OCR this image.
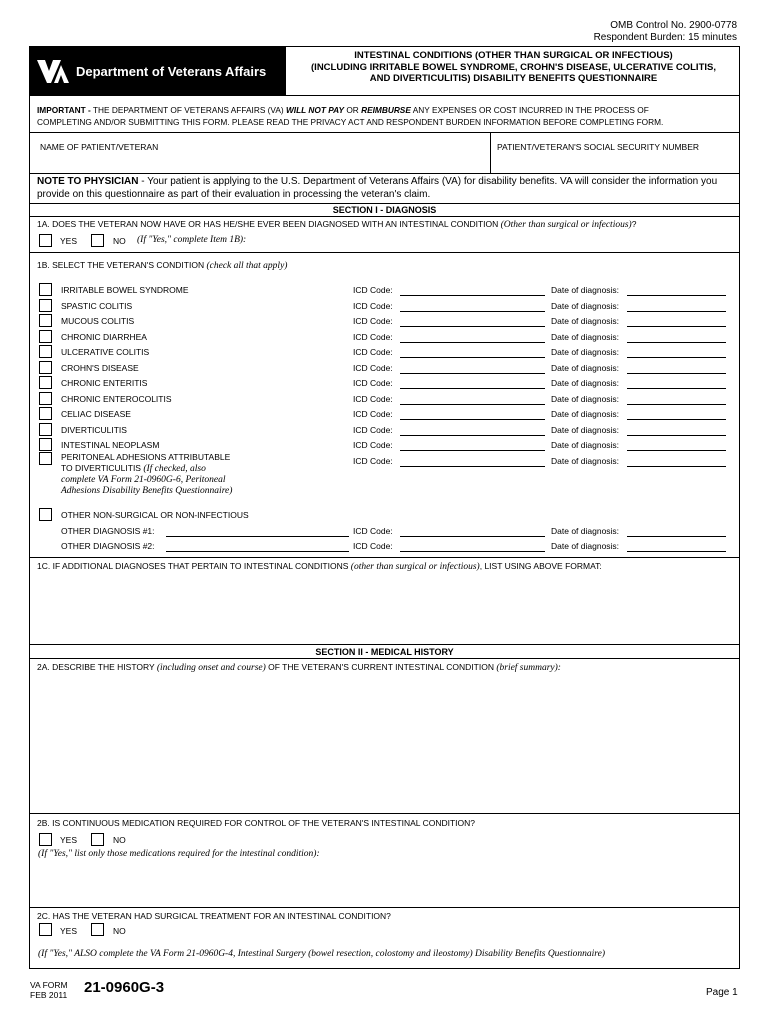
OMB Control No. 2900-0778
Respondent Burden: 15 minutes
Department of Veterans Affairs
INTESTINAL CONDITIONS (OTHER THAN SURGICAL OR INFECTIOUS)
(INCLUDING IRRITABLE BOWEL SYNDROME, CROHN'S DISEASE, ULCERATIVE COLITIS,
AND DIVERTICULITIS) DISABILITY BENEFITS QUESTIONNAIRE
IMPORTANT - THE DEPARTMENT OF VETERANS AFFAIRS (VA) WILL NOT PAY OR REIMBURSE ANY EXPENSES OR COST INCURRED IN THE PROCESS OF
COMPLETING AND/OR SUBMITTING THIS FORM. PLEASE READ THE PRIVACY ACT AND RESPONDENT BURDEN INFORMATION BEFORE COMPLETING FORM.
NAME OF PATIENT/VETERAN	PATIENT/VETERAN'S SOCIAL SECURITY NUMBER
NOTE TO PHYSICIAN - Your patient is applying to the U.S. Department of Veterans Affairs (VA) for disability benefits. VA will consider the information you
provide on this questionnaire as part of their evaluation in processing the veteran's claim.
SECTION I - DIAGNOSIS
1A. DOES THE VETERAN NOW HAVE OR HAS HE/SHE EVER BEEN DIAGNOSED WITH AN INTESTINAL CONDITION (Other than surgical or infectious)?
YES	NO (If "Yes," complete Item 1B):
1B. SELECT THE VETERAN'S CONDITION (check all that apply)
IRRITABLE BOWEL SYNDROME	ICD Code:	Date of diagnosis:
SPASTIC COLITIS	ICD Code:	Date of diagnosis:
MUCOUS COLITIS	ICD Code:	Date of diagnosis:
CHRONIC DIARRHEA	ICD Code:	Date of diagnosis:
ULCERATIVE COLITIS	ICD Code:	Date of diagnosis:
CROHN'S DISEASE	ICD Code:	Date of diagnosis:
CHRONIC ENTERITIS	ICD Code:	Date of diagnosis:
CHRONIC ENTEROCOLITIS	ICD Code:	Date of diagnosis:
CELIAC DISEASE	ICD Code:	Date of diagnosis:
DIVERTICULITIS	ICD Code:	Date of diagnosis:
INTESTINAL NEOPLASM	ICD Code:	Date of diagnosis:
PERITONEAL ADHESIONS ATTRIBUTABLE
TO DIVERTICULITIS (If checked, also
complete VA Form 21-0960G-6, Peritoneal
Adhesions Disability Benefits Questionnaire)
ICD Code:	Date of diagnosis:
OTHER NON-SURGICAL OR NON-INFECTIOUS
OTHER DIAGNOSIS #1:	ICD Code:	Date of diagnosis:
OTHER DIAGNOSIS #2:	ICD Code:	Date of diagnosis:
1C. IF ADDITIONAL DIAGNOSES THAT PERTAIN TO INTESTINAL CONDITIONS (other than surgical or infectious), LIST USING ABOVE FORMAT:
SECTION II - MEDICAL HISTORY
2A. DESCRIBE THE HISTORY (including onset and course) OF THE VETERAN'S CURRENT INTESTINAL CONDITION (brief summary):
2B. IS CONTINUOUS MEDICATION REQUIRED FOR CONTROL OF THE VETERAN'S INTESTINAL CONDITION?
YES	NO
(If "Yes," list only those medications required for the intestinal condition):
2C. HAS THE VETERAN HAD SURGICAL TREATMENT FOR AN INTESTINAL CONDITION?
YES	NO
(If "Yes," ALSO complete the VA Form 21-0960G-4, Intestinal Surgery (bowel resection, colostomy and ileostomy) Disability Benefits Questionnaire)
VA FORM
FEB 2011 21-0960G-3	Page 1
